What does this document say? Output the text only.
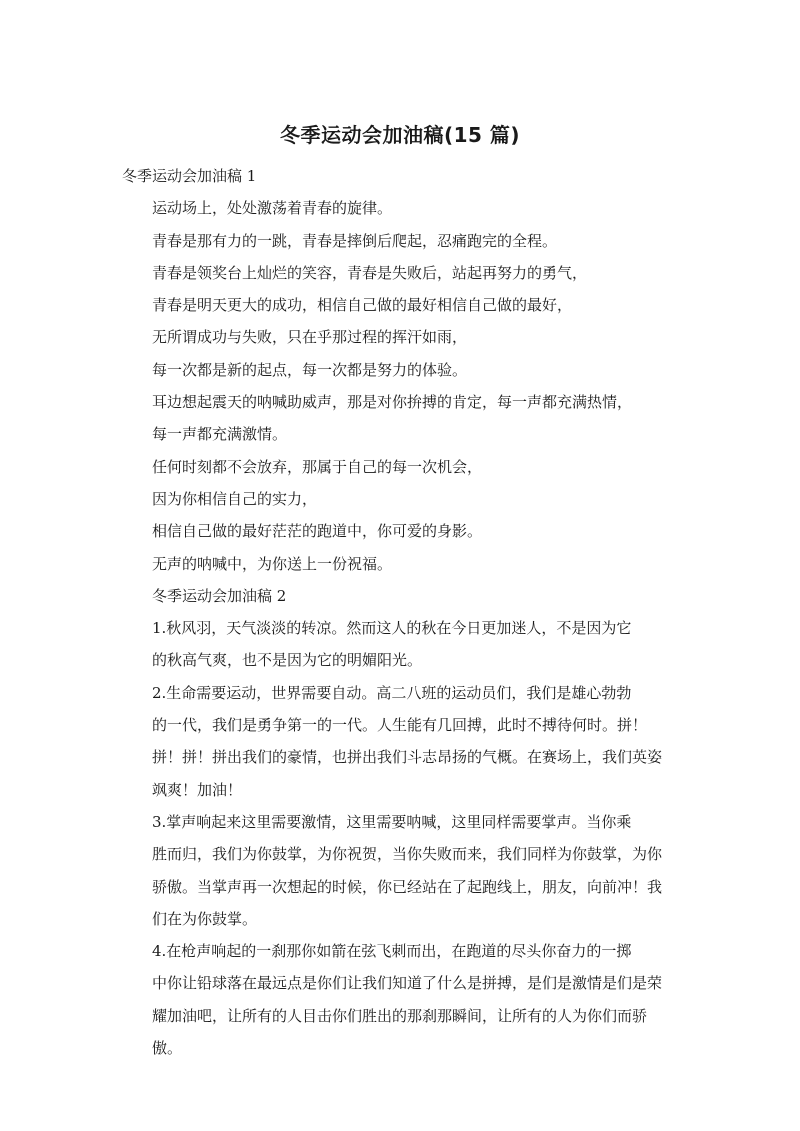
冬季运动会加油稿(15 篇)

冬季运动会加油稿 1

运动场上，处处激荡着青春的旋律。

青春是那有力的一跳，青春是摔倒后爬起，忍痛跑完的全程。

青春是领奖台上灿烂的笑容，青春是失败后，站起再努力的勇气，

青春是明天更大的成功，相信自己做的最好相信自己做的最好，

无所谓成功与失败，只在乎那过程的挥汗如雨，

每一次都是新的起点，每一次都是努力的体验。

耳边想起震天的呐喊助威声，那是对你拚搏的肯定，每一声都充满热情，
每一声都充满激情。

任何时刻都不会放弃，那属于自己的每一次机会，

因为你相信自己的实力，

相信自己做的最好茫茫的跑道中，你可爱的身影。

无声的呐喊中，为你送上一份祝福。

冬季运动会加油稿 2

1.秋风羽，天气淡淡的转凉。然而这人的秋在今日更加迷人，不是因为它
的秋高气爽，也不是因为它的明媚阳光。

2.生命需要运动，世界需要自动。高二八班的运动员们，我们是雄心勃勃
的一代，我们是勇争第一的一代。人生能有几回搏，此时不搏待何时。拼！
拼！拼！拼出我们的豪情，也拼出我们斗志昂扬的气概。在赛场上，我们英姿
飒爽！加油！

3.掌声响起来这里需要激情，这里需要呐喊，这里同样需要掌声。当你乘
胜而归，我们为你鼓掌，为你祝贺，当你失败而来，我们同样为你鼓掌，为你
骄傲。当掌声再一次想起的时候，你已经站在了起跑线上，朋友，向前冲！我
们在为你鼓掌。

4.在枪声响起的一刹那你如箭在弦飞刺而出，在跑道的尽头你奋力的一掷
中你让铅球落在最远点是你们让我们知道了什么是拼搏，是们是激情是们是荣
耀加油吧，让所有的人目击你们胜出的那刹那瞬间，让所有的人为你们而骄
傲。
